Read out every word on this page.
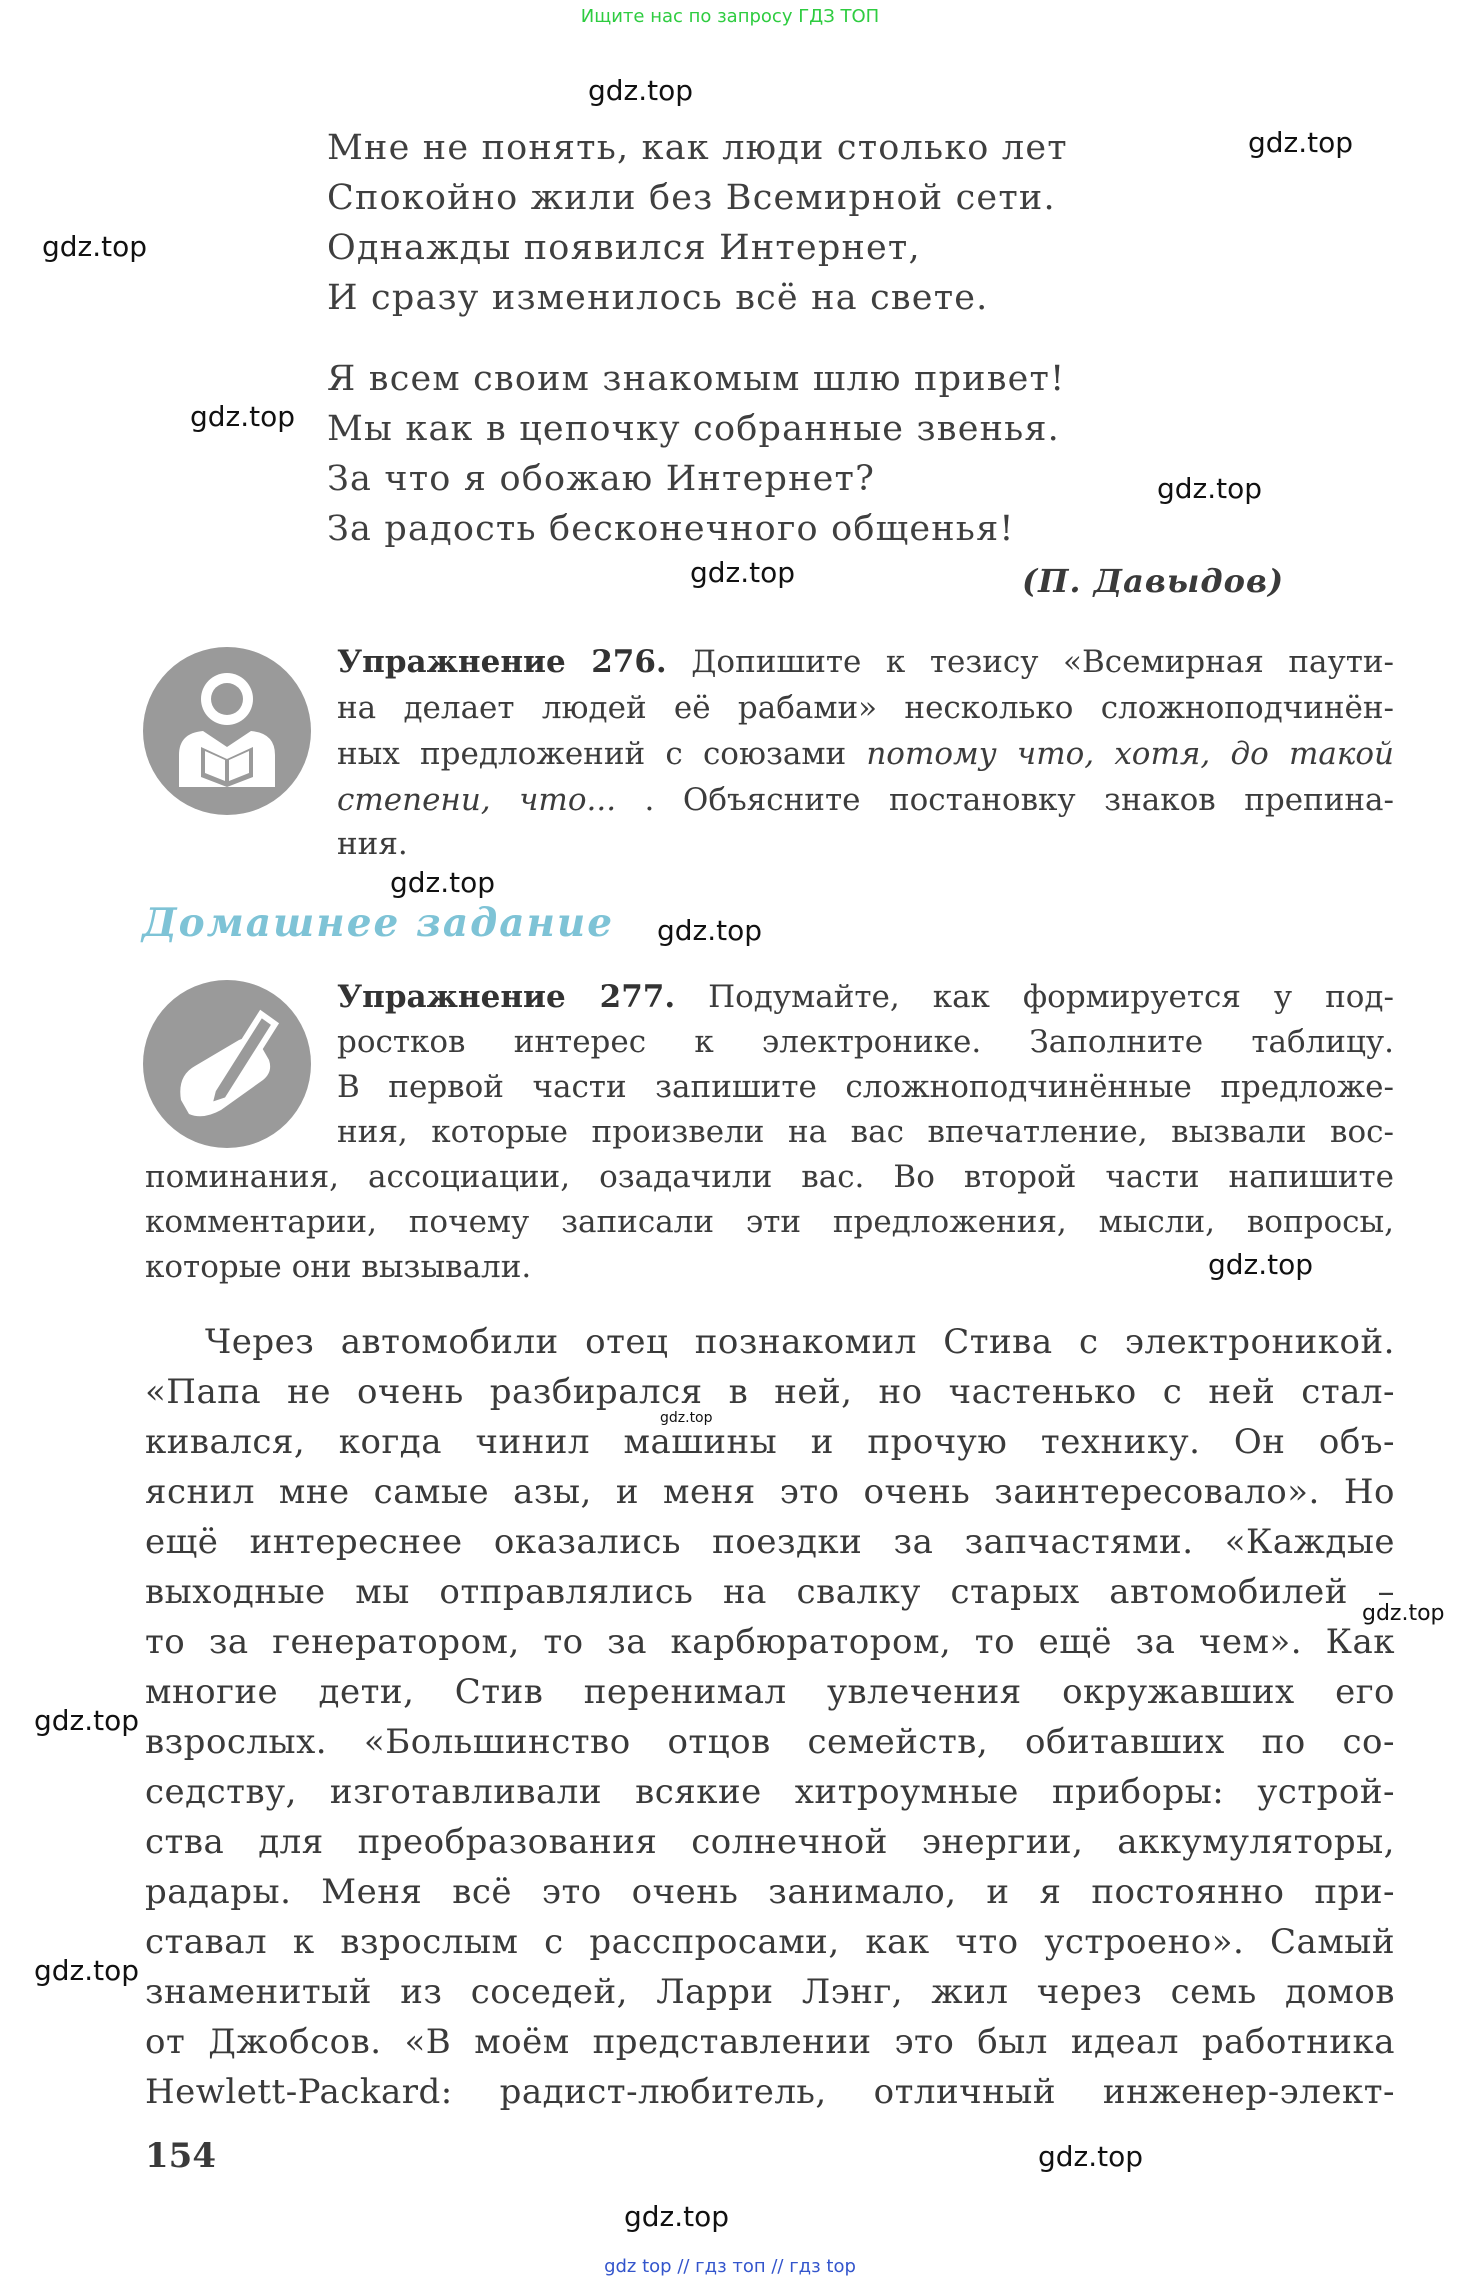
Ищите нас по запросу ГДЗ ТОП
gdz top // гдз топ // гдз top
gdz.top
gdz.top
gdz.top
gdz.top
gdz.top
gdz.top
gdz.top
gdz.top
gdz.top
gdz.top
gdz.top
gdz.top
gdz.top
gdz.top
gdz.top
Мне не понять, как люди столько лет
Спокойно жили без Всемирной сети.
Однажды появился Интернет,
И сразу изменилось всё на свете.
Я всем своим знакомым шлю привет!
Мы как в цепочку собранные звенья.
За что я обожаю Интернет?
За радость бесконечного общенья!
(П. Давыдов)
Упражнение 276. Допишите к тезису «Всемирная паути-
на делает людей её рабами» несколько сложноподчинён-
ных предложений с союзами потому что, хотя, до такой
степени, что... . Объясните постановку знаков препина-
ния.
Домашнее задание
Упражнение 277. Подумайте, как формируется у под-
ростков интерес к электронике. Заполните таблицу.
В первой части запишите сложноподчинённые предложе-
ния, которые произвели на вас впечатление, вызвали вос-
поминания, ассоциации, озадачили вас. Во второй части напишите
комментарии, почему записали эти предложения, мысли, вопросы,
которые они вызывали.
Через автомобили отец познакомил Стива с электроникой.
«Папа не очень разбирался в ней, но частенько с ней стал-
кивался, когда чинил машины и прочую технику. Он объ-
яснил мне самые азы, и меня это очень заинтересовало». Но
ещё интереснее оказались поездки за запчастями. «Каждые
выходные мы отправлялись на свалку старых автомобилей –
то за генератором, то за карбюратором, то ещё за чем». Как
многие дети, Стив перенимал увлечения окружавших его
взрослых. «Большинство отцов семейств, обитавших по со-
седству, изготавливали всякие хитроумные приборы: устрой-
ства для преобразования солнечной энергии, аккумуляторы,
радары. Меня всё это очень занимало, и я постоянно при-
ставал к взрослым с расспросами, как что устроено». Самый
знаменитый из соседей, Ларри Лэнг, жил через семь домов
от Джобсов. «В моём представлении это был идеал работника
Hewlett-Packard: радист-любитель, отличный инженер-элект-
154
